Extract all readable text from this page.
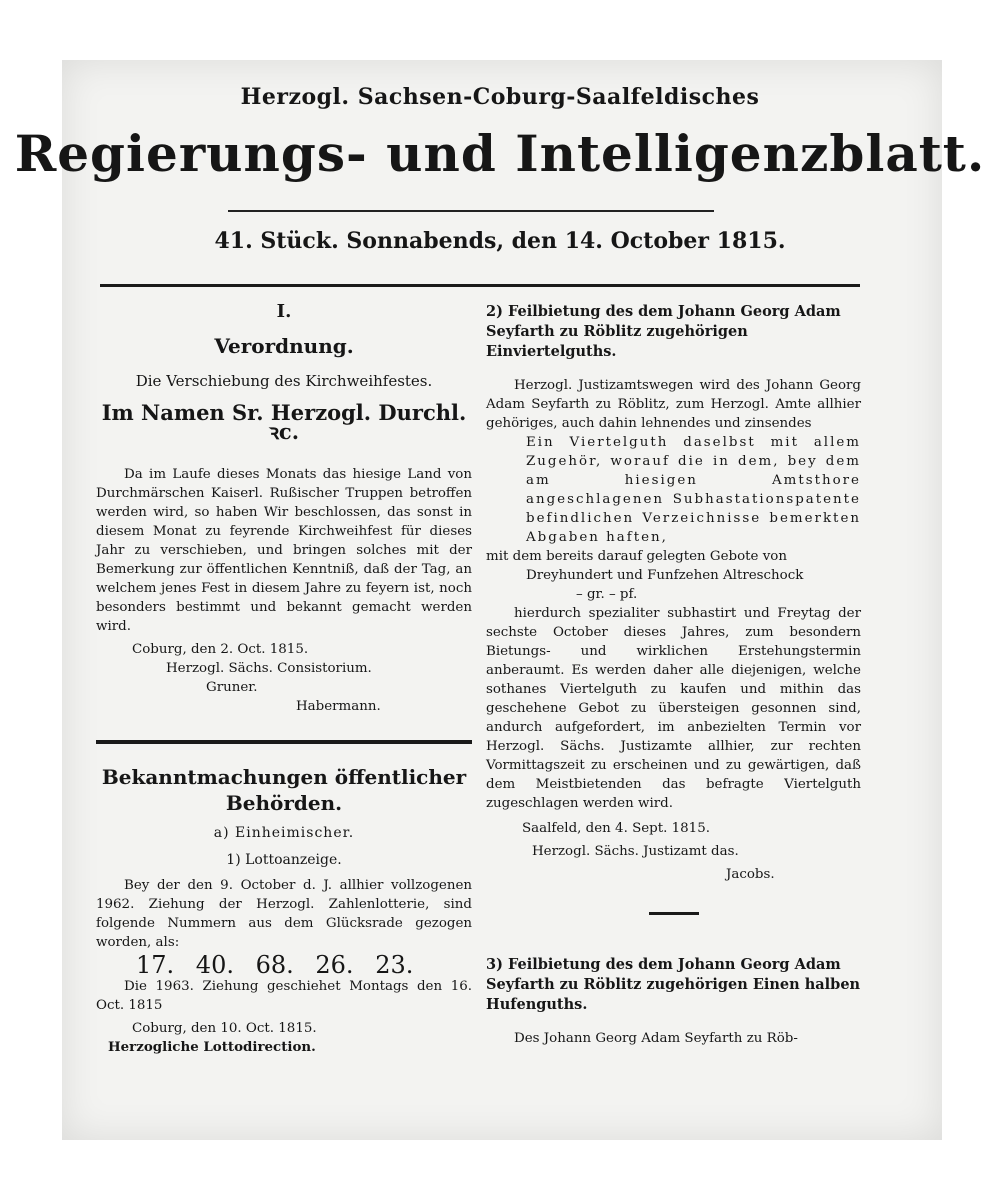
Herzogl. Sachsen-Coburg-Saalfeldisches
Regierungs- und Intelligenzblatt.
41. Stück. Sonnabends, den 14. October 1815.
I.
Verordnung.
Die Verschiebung des Kirchweihfestes.
Im Namen Sr. Herzogl. Durchl. ꝛc.

Da im Laufe dieses Monats das hiesige Land von Durchmärschen Kaiserl. Rußischer Truppen betroffen werden wird, so haben Wir beschlossen, das sonst in diesem Monat zu feyrende Kirchweihfest für dieses Jahr zu verschieben, und bringen solches mit der Bemerkung zur öffentlichen Kenntniß, daß der Tag, an welchem jenes Fest in diesem Jahre zu feyern ist, noch besonders bestimmt und bekannt gemacht werden wird.

Coburg, den 2. Oct. 1815.
Herzogl. Sächs. Consistorium.
Gruner.
Habermann.
Bekanntmachungen öffentlicher Behörden.
a) Einheimischer.
1) Lottoanzeige.

Bey der den 9. October d. J. allhier vollzogenen 1962. Ziehung der Herzogl. Zahlenlotterie, sind folgende Nummern aus dem Glücksrade gezogen worden, als:

17. 40. 68. 26. 23.

Die 1963. Ziehung geschiehet Montags den 16. Oct. 1815

Coburg, den 10. Oct. 1815.
Herzogliche Lottodirection.
2) Feilbietung des dem Johann Georg Adam Seyfarth zu Röblitz zugehörigen Einviertelguths.

Herzogl. Justizamtswegen wird des Johann Georg Adam Seyfarth zu Röblitz, zum Herzogl. Amte allhier gehöriges, auch dahin lehnendes und zinsendes

Ein Viertelguth daselbst mit allem Zugehör, worauf die in dem, bey dem am hiesigen Amtsthore angeschlagenen Subhastationspatente befindlichen Verzeichnisse bemerkten Abgaben haften,
mit dem bereits darauf gelegten Gebote von
Dreyhundert und Funfzehen Altreschock
– gr. – pf.

hierdurch spezialiter subhastirt und Freytag der sechste October dieses Jahres, zum besondern Bietungs- und wirklichen Erstehungstermin anberaumt. Es werden daher alle diejenigen, welche sothanes Viertelguth zu kaufen und mithin das geschehene Gebot zu übersteigen gesonnen sind, andurch aufgefordert, im anbezielten Termin vor Herzogl. Sächs. Justizamte allhier, zur rechten Vormittagszeit zu erscheinen und zu gewärtigen, daß dem Meistbietenden das befragte Viertelguth zugeschlagen werden wird.

Saalfeld, den 4. Sept. 1815.
Herzogl. Sächs. Justizamt das.
Jacobs.
3) Feilbietung des dem Johann Georg Adam Seyfarth zu Röblitz zugehörigen Einen halben Hufenguths.

Des Johann Georg Adam Seyfarth zu Röb-
